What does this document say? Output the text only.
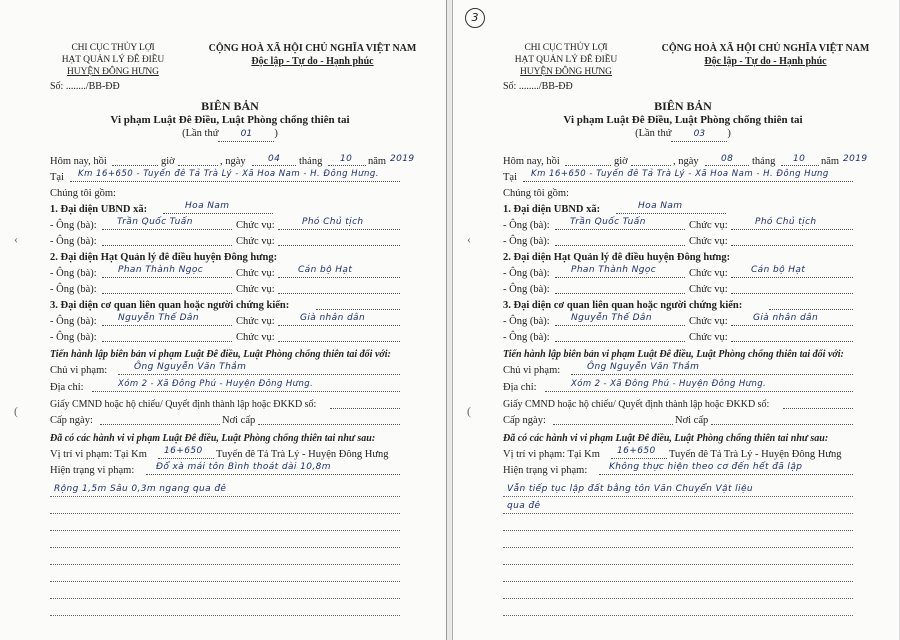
CHI CỤC THỦY LỢI
HẠT QUẢN LÝ ĐÊ ĐIỀU
HUYỆN ĐÔNG HƯNG
Số: ......../BB-ĐĐ
CỘNG HOÀ XÃ HỘI CHỦ NGHĨA VIỆT NAM
Độc lập - Tự do - Hạnh phúc
BIÊN BẢN
Vi phạm Luật Đê Điều, Luật Phòng chống thiên tai
(Lần thứ 01 )
Hôm nay, hồi	giờ	, ngày 04 tháng 10 năm 2019
Tại Km 16+650 - Tuyến đê Tả Trà Lý - Xã Hoa Nam - H. Đông Hưng.
Chúng tôi gồm:
1. Đại diện UBND xã:	Hoa Nam
- Ông (bà): Trần Quốc Tuấn	Chức vụ:	Phó Chủ tịch
- Ông (bà):	Chức vụ:
2. Đại diện Hạt Quản lý đê điều huyện Đông hưng:
- Ông (bà): Phan Thành Ngọc	Chức vụ:	Cán bộ Hạt
- Ông (bà):	Chức vụ:
3. Đại diện cơ quan liên quan hoặc người chứng kiến:
- Ông (bà): Nguyễn Thế Dân	Chức vụ:	Già nhân dân
- Ông (bà):	Chức vụ:
Tiến hành lập biên bản vi phạm Luật Đê điều, Luật Phòng chống thiên tai đối với:
Chủ vi phạm:	Ông Nguyễn Văn Thắm
Địa chỉ:	Xóm 2 - Xã Đông Phú - Huyện Đông Hưng.
Giấy CMND hoặc hộ chiếu/ Quyết định thành lập hoặc ĐKKD số:
Cấp ngày:	Nơi cấp
Đã có các hành vi vi phạm Luật Đê điều, Luật Phòng chống thiên tai như sau:
Vị trí vi phạm: Tại Km 16+650 Tuyến đê Tả Trà Lý - Huyện Đông Hưng
Hiện trạng vi phạm: Đổ xà mái tôn Bình thoát dài 10,8m
Rộng 1,5m Sâu 0,3m ngang qua đê
‹
(
3
CHI CỤC THỦY LỢI
HẠT QUẢN LÝ ĐÊ ĐIỀU
HUYỆN ĐÔNG HƯNG
Số: ......../BB-ĐĐ
CỘNG HOÀ XÃ HỘI CHỦ NGHĨA VIỆT NAM
Độc lập - Tự do - Hạnh phúc
BIÊN BẢN
Vi phạm Luật Đê Điều, Luật Phòng chống thiên tai
(Lần thứ 03 )
Hôm nay, hồi	giờ	, ngày 08 tháng 10 năm 2019
Tại Km 16+650 - Tuyến đê Tả Trà Lý - Xã Hoa Nam - H. Đông Hưng
Chúng tôi gồm:
1. Đại diện UBND xã:	Hoa Nam
- Ông (bà): Trần Quốc Tuấn	Chức vụ:	Phó Chủ tịch
- Ông (bà):	Chức vụ:
2. Đại diện Hạt Quản lý đê điều huyện Đông hưng:
- Ông (bà): Phan Thành Ngọc	Chức vụ:	Cán bộ Hạt
- Ông (bà):	Chức vụ:
3. Đại diện cơ quan liên quan hoặc người chứng kiến:
- Ông (bà): Nguyễn Thế Dân	Chức vụ:	Già nhân dân
- Ông (bà):	Chức vụ:
Tiến hành lập biên bản vi phạm Luật Đê điều, Luật Phòng chống thiên tai đối với:
Chủ vi phạm:	Ông Nguyễn Văn Thắm
Địa chỉ:	Xóm 2 - Xã Đông Phú - Huyện Đông Hưng.
Giấy CMND hoặc hộ chiếu/ Quyết định thành lập hoặc ĐKKD số:
Cấp ngày:	Nơi cấp
Đã có các hành vi vi phạm Luật Đê điều, Luật Phòng chống thiên tai như sau:
Vị trí vi phạm: Tại Km 16+650 Tuyến đê Tả Trà Lý - Huyện Đông Hưng
Hiện trạng vi phạm: Không thực hiện theo cơ đến hết đã lập
Vẫn tiếp tục lập đất bằng tôn Văn Chuyển Vật liệu
qua đê
‹
(
